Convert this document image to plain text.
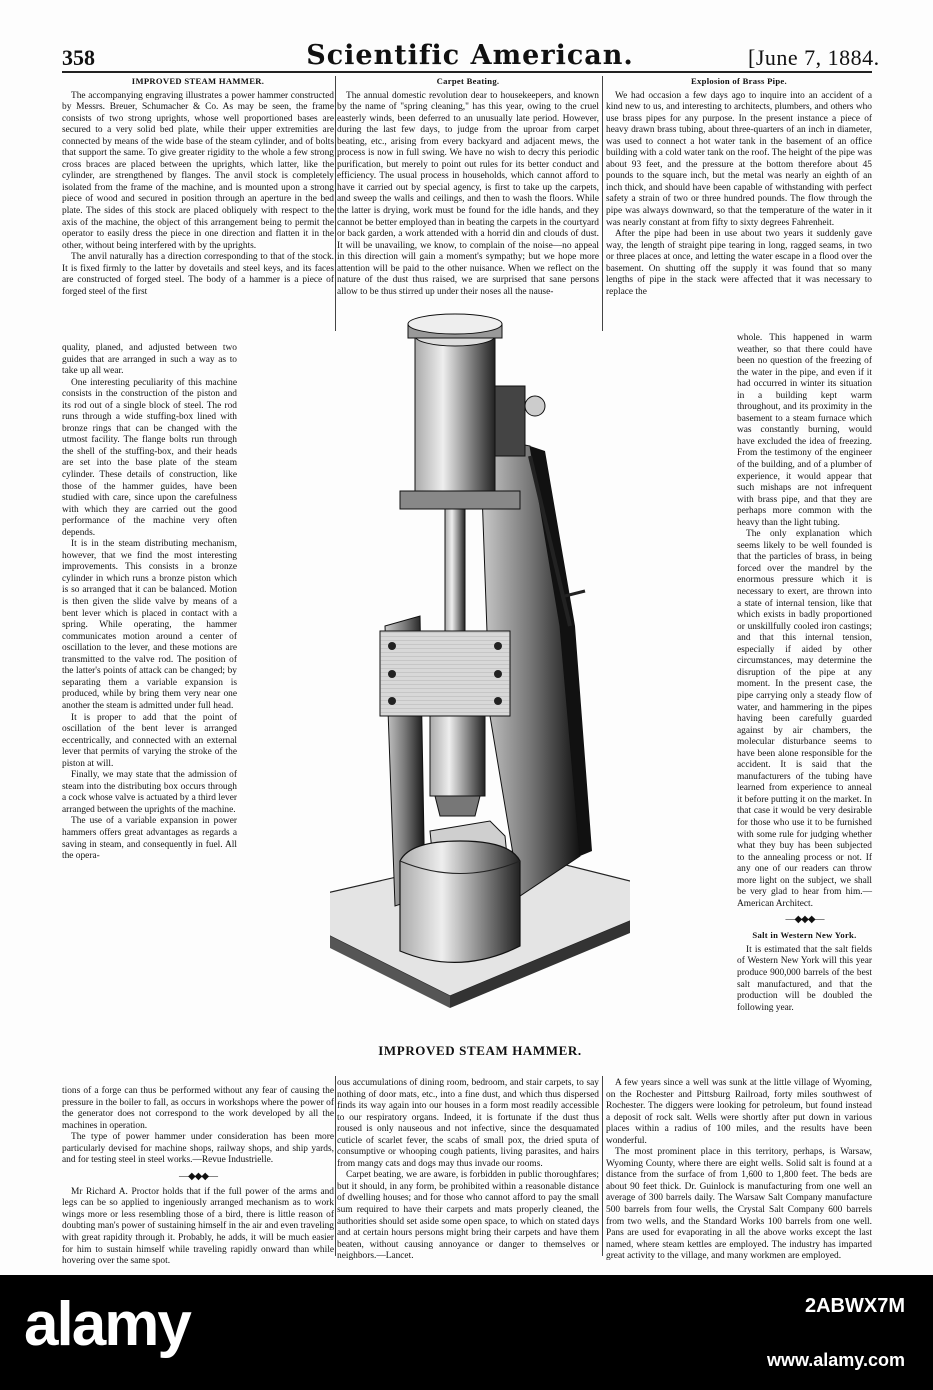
358	Scientific American.	[June 7, 1884.
IMPROVED STEAM HAMMER.

The accompanying engraving illustrates a power hammer constructed by Messrs. Breuer, Schumacher & Co. As may be seen, the frame consists of two strong uprights, whose well proportioned bases are secured to a very solid bed plate, while their upper extremities are connected by means of the wide base of the steam cylinder, and of bolts that support the same. To give greater rigidity to the whole a few strong cross braces are placed between the uprights, which latter, like the cylinder, are strengthened by flanges. The anvil stock is completely isolated from the frame of the machine, and is mounted upon a strong piece of wood and secured in position through an aperture in the bed plate. The sides of this stock are placed obliquely with respect to the axis of the machine, the object of this arrangement being to permit the operator to easily dress the piece in one direction and flatten it in the other, without being interfered with by the uprights.

The anvil naturally has a direction corresponding to that of the stock. It is fixed firmly to the latter by dovetails and steel keys, and its faces are constructed of forged steel. The body of a hammer is a piece of forged steel of the first

quality, planed, and adjusted between two guides that are arranged in such a way as to take up all wear.

One interesting peculiarity of this machine consists in the construction of the piston and its rod out of a single block of steel. The rod runs through a wide stuffing-box lined with bronze rings that can be changed with the utmost facility. The flange bolts run through the shell of the stuffing-box, and their heads are set into the base plate of the steam cylinder. These details of construction, like those of the hammer guides, have been studied with care, since upon the carefulness with which they are carried out the good performance of the machine very often depends.

It is in the steam distributing mechanism, however, that we find the most interesting improvements. This consists in a bronze cylinder in which runs a bronze piston which is so arranged that it can be balanced. Motion is then given the slide valve by means of a bent lever which is placed in contact with a spring. While operating, the hammer communicates motion around a center of oscillation to the lever, and these motions are transmitted to the valve rod. The position of the latter's points of attack can be changed; by separating them a variable expansion is produced, while by bring them very near one another the steam is admitted under full head.

It is proper to add that the point of oscillation of the bent lever is arranged eccentrically, and connected with an external lever that permits of varying the stroke of the piston at will.

Finally, we may state that the admission of steam into the distributing box occurs through a cock whose valve is actuated by a third lever arranged between the uprights of the machine.

The use of a variable expansion in power hammers offers great advantages as regards a saving in steam, and consequently in fuel. All the opera-

tions of a forge can thus be performed without any fear of causing the pressure in the boiler to fall, as occurs in workshops where the power of the generator does not correspond to the work developed by all the machines in operation.

The type of power hammer under consideration has been more particularly devised for machine shops, railway shops, and ship yards, and for testing steel in steel works.—Revue Industrielle.

—◆◆◆—

Mr Richard A. Proctor holds that if the full power of the arms and legs can be so applied to ingeniously arranged mechanism as to work wings more or less resembling those of a bird, there is little reason of doubting man's power of sustaining himself in the air and even traveling with great rapidity through it. Probably, he adds, it will be much easier for him to sustain himself while traveling rapidly onward than while hovering over the same spot.

Carpet Beating.

The annual domestic revolution dear to housekeepers, and known by the name of "spring cleaning," has this year, owing to the cruel easterly winds, been deferred to an unusually late period. However, during the last few days, to judge from the uproar from carpet beating, etc., arising from every backyard and adjacent mews, the process is now in full swing. We have no wish to decry this periodic purification, but merely to point out rules for its better conduct and efficiency. The usual process in households, which cannot afford to have it carried out by special agency, is first to take up the carpets, and sweep the walls and ceilings, and then to wash the floors. While the latter is drying, work must be found for the idle hands, and they cannot be better employed than in beating the carpets in the courtyard or back garden, a work attended with a horrid din and clouds of dust. It will be unavailing, we know, to complain of the noise—no appeal in this direction will gain a moment's sympathy; but we hope more attention will be paid to the other nuisance. When we reflect on the nature of the dust thus raised, we are surprised that sane persons allow to be thus stirred up under their noses all the nause-

ous accumulations of dining room, bedroom, and stair carpets, to say nothing of door mats, etc., into a fine dust, and which thus dispersed finds its way again into our houses in a form most readily accessible to our respiratory organs. Indeed, it is fortunate if the dust thus roused is only nauseous and not infective, since the desquamated cuticle of scarlet fever, the scabs of small pox, the dried sputa of consumptive or whooping cough patients, living parasites, and hairs from mangy cats and dogs may thus invade our rooms.

Carpet beating, we are aware, is forbidden in public thoroughfares; but it should, in any form, be prohibited within a reasonable distance of dwelling houses; and for those who cannot afford to pay the small sum required to have their carpets and mats properly cleaned, the authorities should set aside some open space, to which on stated days and at certain hours persons might bring their carpets and have them beaten, without causing annoyance or danger to themselves or neighbors.—Lancet.

Explosion of Brass Pipe.

We had occasion a few days ago to inquire into an accident of a kind new to us, and interesting to architects, plumbers, and others who use brass pipes for any purpose. In the present instance a piece of heavy drawn brass tubing, about three-quarters of an inch in diameter, was used to connect a hot water tank in the basement of an office building with a cold water tank on the roof. The height of the pipe was about 93 feet, and the pressure at the bottom therefore about 45 pounds to the square inch, but the metal was nearly an eighth of an inch thick, and should have been capable of withstanding with perfect safety a strain of two or three hundred pounds. The flow through the pipe was always downward, so that the temperature of the water in it was nearly constant at from fifty to sixty degrees Fahrenheit.

After the pipe had been in use about two years it suddenly gave way, the length of straight pipe tearing in long, ragged seams, in two or three places at once, and letting the water escape in a flood over the basement. On shutting off the supply it was found that so many lengths of pipe in the stack were affected that it was necessary to replace the

whole. This happened in warm weather, so that there could have been no question of the freezing of the water in the pipe, and even if it had occurred in winter its situation in a building kept warm throughout, and its proximity in the basement to a steam furnace which was constantly burning, would have excluded the idea of freezing. From the testimony of the engineer of the building, and of a plumber of experience, it would appear that such mishaps are not infrequent with brass pipe, and that they are perhaps more common with the heavy than the light tubing.

The only explanation which seems likely to be well founded is that the particles of brass, in being forced over the mandrel by the enormous pressure which it is necessary to exert, are thrown into a state of internal tension, like that which exists in badly proportioned or unskillfully cooled iron castings; and that this internal tension, especially if aided by other circumstances, may determine the disruption of the pipe at any moment. In the present case, the pipe carrying only a steady flow of water, and hammering in the pipes having been carefully guarded against by air chambers, the molecular disturbance seems to have been alone responsible for the accident. It is said that the manufacturers of the tubing have learned from experience to anneal it before putting it on the market. In that case it would be very desirable for those who use it to be furnished with some rule for judging whether what they buy has been subjected to the annealing process or not. If any one of our readers can throw more light on the subject, we shall be very glad to hear from him.—American Architect.

—◆◆◆—
Salt in Western New York.

It is estimated that the salt fields of Western New York will this year produce 900,000 barrels of the best salt manufactured, and that the production will be doubled the following year.

A few years since a well was sunk at the little village of Wyoming, on the Rochester and Pittsburg Railroad, forty miles southwest of Rochester. The diggers were looking for petroleum, but found instead a deposit of rock salt. Wells were shortly after put down in various places within a radius of 100 miles, and the results have been wonderful.

The most prominent place in this territory, perhaps, is Warsaw, Wyoming County, where there are eight wells. Solid salt is found at a distance from the surface of from 1,600 to 1,800 feet. The beds are about 90 feet thick. Dr. Guinlock is manufacturing from one well an average of 300 barrels daily. The Warsaw Salt Company manufacture 500 barrels from four wells, the Crystal Salt Company 600 barrels from two wells, and the Standard Works 100 barrels from one well. Pans are used for evaporating in all the above works except the last named, where steam kettles are employed. The industry has imparted great activity to the village, and many workmen are employed.

IMPROVED STEAM HAMMER.
alamy	2ABWX7M
www.alamy.com
